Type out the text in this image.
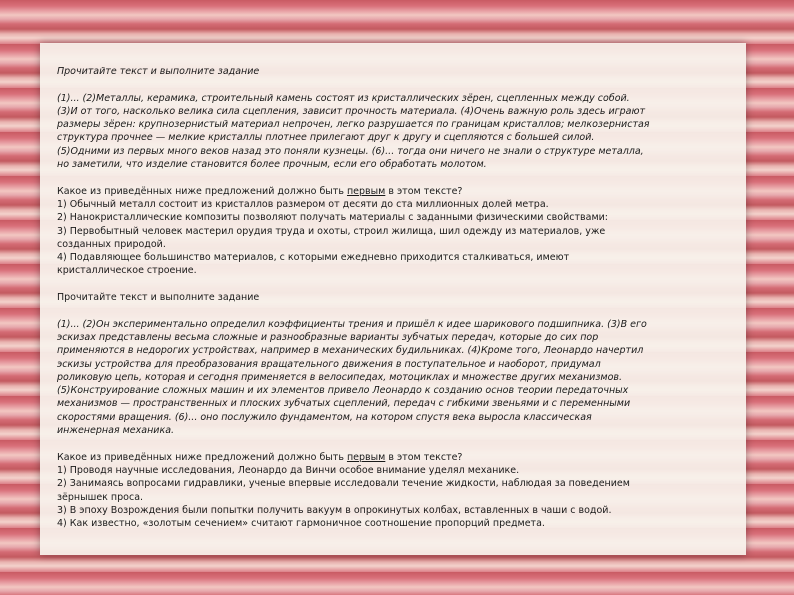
Прочитайте текст и выполните задание

(1)... (2)Металлы, керамика, строительный камень состоят из кристаллических зёрен, сцепленных между собой.
(3)И от того, насколько велика сила сцепления, зависит прочность материала. (4)Очень важную роль здесь играют
размеры зёрен: крупнозернистый материал непрочен, легко разрушается по границам кристаллов; мелкозернистая
структура прочнее — мелкие кристаллы плотнее прилегают друг к другу и сцепляются с большей силой.
(5)Одними из первых много веков назад это поняли кузнецы. (6)... тогда они ничего не знали о структуре металла,
но заметили, что изделие становится более прочным, если его обработать молотом.

Какое из приведённых ниже предложений должно быть первым в этом тексте?

1) Обычный металл состоит из кристаллов размером от десяти до ста миллионных долей метра.
2) Нанокристаллические композиты позволяют получать материалы с заданными физическими свойствами:
3) Первобытный человек мастерил орудия труда и охоты, строил жилища, шил одежду из материалов, уже
созданных природой.
4) Подавляющее большинство материалов, с которыми ежедневно приходится сталкиваться, имеют
кристаллическое строение.

Прочитайте текст и выполните задание

(1)... (2)Он экспериментально определил коэффициенты трения и пришёл к идее шарикового подшипника. (3)В его
эскизах представлены весьма сложные и разнообразные варианты зубчатых передач, которые до сих пор
применяются в недорогих устройствах, например в механических будильниках. (4)Кроме того, Леонардо начертил
эскизы устройства для преобразования вращательного движения в поступательное и наоборот, придумал
роликовую цепь, которая и сегодня применяется в велосипедах, мотоциклах и множестве других механизмов.
(5)Конструирование сложных машин и их элементов привело Леонардо к созданию основ теории передаточных
механизмов — пространственных и плоских зубчатых сцеплений, передач с гибкими звеньями и с переменными
скоростями вращения. (6)... оно послужило фундаментом, на котором спустя века выросла классическая
инженерная механика.

Какое из приведённых ниже предложений должно быть первым в этом тексте?

1) Проводя научные исследования, Леонардо да Винчи особое внимание уделял механике.
2) Занимаясь вопросами гидравлики, ученые впервые исследовали течение жидкости, наблюдая за поведением
зёрнышек проса.
3) В эпоху Возрождения были попытки получить вакуум в опрокинутых колбах, вставленных в чаши с водой.
4) Как известно, «золотым сечением» считают гармоничное соотношение пропорций предмета.
